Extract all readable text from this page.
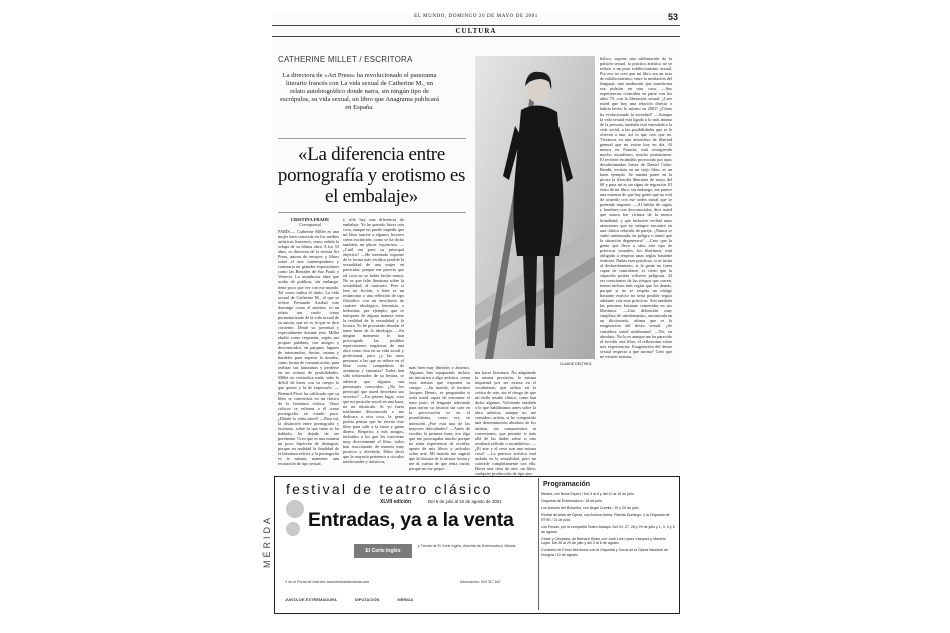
EL MUNDO, DOMINGO 20 DE MAYO DE 2001	53
CULTURA
CATHERINE MILLET / ESCRITORA
La directora de «Art Press» ha revolucionado el panorama literario francés con La vida sexual de Catherine M., un relato autobiográfico donde narra, sin ningún tipo de escrúpulos, su vida sexual, un libro que Anagrama publicará en España.
«La diferencia entre pornografía y erotismo es el embalaje»
CRISTINA FRADE
Corresponsal
PARÍS.— Catherine Millet es una mujer bien conocida en los medios artísticos franceses, como señala la solapa de su última obra. A los 53 años, es directora de la revista Art Press, autora de ensayos y libros sobre el arte contemporáneo y comisaria en grandes exposiciones como las Bienales de Sao Paulo y Venecia. La asombrosa obra que acaba de publicar, sin embargo, tiene poco que ver con ese mundo. Tal como indica el título, La vida sexual de Catherine M., al que se refiere Fernando Arrabal este domingo como el anterior, es un relato tan crudo como pormenorizado de la vida sexual de su autora, que no es lo que se dice corriente. Desde su juventud y especialmente durante esta, Millet eludió como respuesta, según sus propias palabras, con amigos y desconocidos, en parques, lugares de intercambio, fiestas, saunas y burdeles para superar la timidez, como forma de comunicación, para realizar sus fantasmas y perderse en un océano de posibilidades. Millet no reivindica nada, sabe lo difícil de hacer con su cuerpo lo que quiere y la de expresarlo. —Bernard Pivot ha calificado que su libro se convertiría en un clásico de la literatura erótica. Otros críticos se refieren a él como pornografía en estado puro. ¿Dónde lo sitúa usted? —Para mí, la distinción entre pornografía y erotismo, sobre la que tanto se ha hablado, ha dejado de ser pertinente. Creo que es una manera un poco hipócrita de distinguir, porque en realidad la finalidad de la literatura erótica y la pornografía es la misma, mantener una excitación de tipo sexual,
y sólo hay una diferencia de embalaje. Yo he querido hacer otra cosa, aunque no puedo impedir que mi libro suscite a algunos lectores cierta excitación, como se ha dicho también, un placer voyeurista. —¿Cuál era pues su principal objetivo? —He intentado exponer de la forma más verídica posible la sexualidad de una mujer en particular, porque me parecía que tal cosa no se había hecho nunca. No es que falte literatura sobre la sexualidad, al contrario. Pero si lees no ficción, o bien es un testimonio o una reflexión de tipo filosófico con un envoltorio de carácter ideológico, feminista, o hedonista, por ejemplo, que se interpone de alguna manera entre la realidad de la sexualidad y la lectura. Yo he procurado abordar el tema fuera de la ideología. —En ningún momento le han preocupado las posibles repercusiones negativas de una obra como ésta en su vida social y profesional, pero ¿y las otras personas a las que se refiere en el libro como compañeros de aventuras y fantasías? Todos han sido informados de su lectura, se advierte que algunos son personajes conocidos. ¿No les preocupó que usted desvelara sus secretos? —En primer lugar, creo que mi posición social en una baza, no un obstáculo. Si yo fuera totalmente desconocida o me dedicara a otra cosa, la gente podría pensar que he escrito este libro para salir a la fama y ganar dinero. Respecto a mis amigos, incluidos a los que les concierne muy directamente el libro, todos han reaccionado de manera muy positiva y divertida. Debo decir que la mayoría pertenece a círculos intelectuales y artísticos,
más bien muy liberales y abiertos. Algunos han equiparado incluso mi iniciativa a algo artístico, como esos artistas que exponen su cuerpo. —Su marido, el escritor Jacques Henric, se preguntaba si sería usted capaz de encontrar el tono justo, el lenguaje adecuado para narrar su historia sin caer en la provocación ni en el proselitismo, como era su intención ¿Fue esta una de las mayores dificultades? —Antes de escribir la primera frase, era algo que me preocupaba mucho porque no tenía experiencia de escribir, aparte de mis libros y artículos sobre arte. Mi marido me sugirió que la historia de la misma forma y me di cuenta de que tenía razón, porque no me propo-
nía hacer literatura. No adaptando la misma precisión, la misma inquietud por ser exacta en el vocabulario, que utilizo en la crítica de arte, sin el riesgo de que mi estilo resulte clínico, como han dicho algunos. Volviendo también a lo que hablábamos antes sobre la obra artística, aunque no me considero artista, si he compartido una determinación absoluta de los artistas, sin compromisos ni concesiones, que permite ir más allá de las dudas sobre si uno resultará ridículo o escandaloso. —¿El arte y el sexo son una misma cosa? —La práctica artística está aislada en la sexualidad, pero no coincide completamente con ella. Hacer una obra de arte, un libro, cualquier producción de tipo sim-
bólico, supone una sublimación de la pulsión sexual, la práctica artística no se reduce a un puro exhibicionismo sexual. Por eso no creo que mi libro sea un acto de exhibicionismo; entre la mediación del lenguaje, una mediación que transforma esa pulsión en otra cosa. —Sus experiencias coinciden en parte con los años 70, con la liberación sexual. ¿Cree usted que hoy una relación directa o habría hecho lo mismo en 2001? ¿Cómo ha evolucionado la sociedad? —Aunque la vida sexual está ligada a lo más íntimo de la persona, también está vinculada a la vida social, a las posibilidades que se le ofrecen a uno, así es que creo que no. Vivíamos en una atmósfera de libertad general que no existe hoy en día. Al menos en Francia, está resurgiendo mucho moralismo, mucho puritanismo. El reciente escándalo provocado por unas desafortunadas frases de Daniel Cohn-Bendit, escritas en un viejo libro, es un buen ejemplo. Se intenta poner en la picota la filosofía libertaria de mayo del 68 y para mí es un signo de regresión. El éxito de mi libro, sin embargo, me parece una muestra de que hay gente que no está de acuerdo con ese orden moral que se pretende imponer. —Al hablar de orgías y hombres con desconocidos, dice usted que nunca fue víctima de la menor brutalidad, y que inclusive recibió unas atenciones que no siempre encontró en una clásica relación de pareja. ¿Nunca se sintió amenazada, en peligro o temió que la situación degenerara? —Creo que la gente que lleva a cabo este tipo de prácticas sexuales, los libertinos, está obligada a respetar unas reglas bastante estrictas. Dadas esas prácticas, si se incita al desbordamiento, si la gente no fuera capaz de controlarse, es cierto que la situación podría volverse peligrosa. Al ser conscientes de los riesgos que corren, tienen incluso más reglas que los demás, porque si no se respeta un código bastante estricto no sería posible seguir adelante con esas prácticas. Son también las personas bastante contenidas en sus libertinos. —Una definición muy simplista de «ninfomanía», encontrada en un diccionario, afirma que es la exageración del deseo sexual. ¿Se considera usted ninfómana? —No, en absoluto. No lo es aunque me ha parecido al escribir este libro, el reflexionar sobre mis experiencias. Exageración del deseo sexual respecto a qué norma? Creo que no existen normas.
CLAUDE DELTHEIL
festival de teatro clásico
XLVII edición	Del 5 de julio al 10 de agosto de 2001
Entradas, ya a la venta
MÉRIDA	El Corte Inglés
y Tienda de El Corte Inglés, Avenida de Extremadura, Mérida
Y en el Portal de Internet: www.festivaldemerida.com	Información: 924 317 847
JUNTA DE EXTREMADURA	DIPUTACIÓN	MÉRIDA
Programación
Medea, con Nuria Espert / Del 5 al 8 y del 10 al 15 de julio.
Orquesta de Extremadura / 16 de julio.
Los Amores del Ruiseñor, con Ángel Corella / 19 y 20 de julio.
Recital de Arias de Ópera, con Ainhoa Arteta, Plácido Domingo, y la Orquesta de RTVE / 21 de julio.
Los Persas, por la compañía Teatro Atalaya. Del 24, 27, 28 y 29 de julio y 1, 3, 4 y 5 de agosto.
César y Cleopatra, de Bernard Shaw, con José Luis López Vázquez y Marcelo Luján. Del 26 al 29 de julio y del 2 al 6 de agosto.
Concierto de Ennio Morricone con la Orquesta y Coros de la Ópera Nacional de Hungría / 10 de agosto.
